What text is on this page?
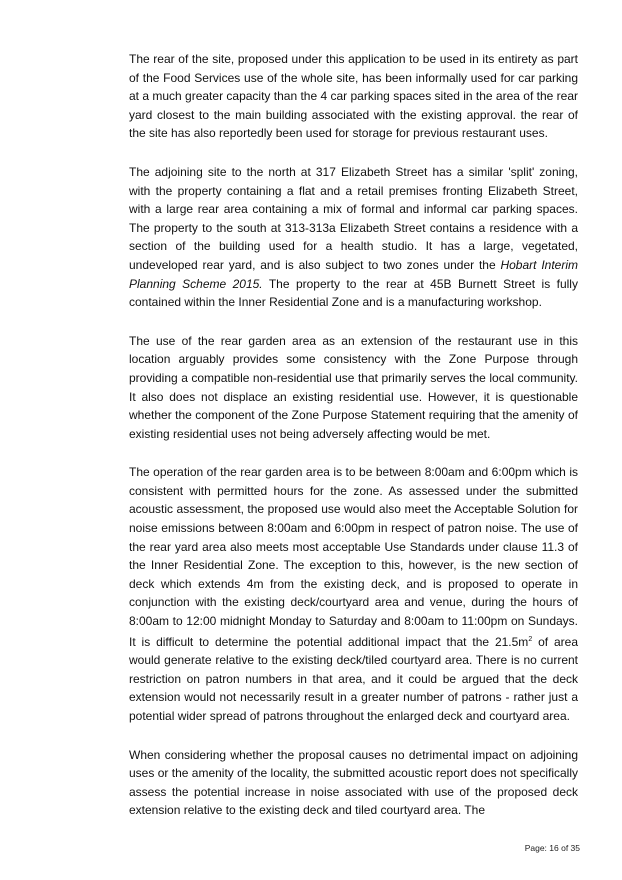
The rear of the site, proposed under this application to be used in its entirety as part of the Food Services use of the whole site, has been informally used for car parking at a much greater capacity than the 4 car parking spaces sited in the area of the rear yard closest to the main building associated with the existing approval. the rear of the site has also reportedly been used for storage for previous restaurant uses.

The adjoining site to the north at 317 Elizabeth Street has a similar 'split' zoning, with the property containing a flat and a retail premises fronting Elizabeth Street, with a large rear area containing a mix of formal and informal car parking spaces. The property to the south at 313-313a Elizabeth Street contains a residence with a section of the building used for a health studio. It has a large, vegetated, undeveloped rear yard, and is also subject to two zones under the Hobart Interim Planning Scheme 2015. The property to the rear at 45B Burnett Street is fully contained within the Inner Residential Zone and is a manufacturing workshop.

The use of the rear garden area as an extension of the restaurant use in this location arguably provides some consistency with the Zone Purpose through providing a compatible non-residential use that primarily serves the local community. It also does not displace an existing residential use. However, it is questionable whether the component of the Zone Purpose Statement requiring that the amenity of existing residential uses not being adversely affecting would be met.

The operation of the rear garden area is to be between 8:00am and 6:00pm which is consistent with permitted hours for the zone. As assessed under the submitted acoustic assessment, the proposed use would also meet the Acceptable Solution for noise emissions between 8:00am and 6:00pm in respect of patron noise. The use of the rear yard area also meets most acceptable Use Standards under clause 11.3 of the Inner Residential Zone. The exception to this, however, is the new section of deck which extends 4m from the existing deck, and is proposed to operate in conjunction with the existing deck/courtyard area and venue, during the hours of 8:00am to 12:00 midnight Monday to Saturday and 8:00am to 11:00pm on Sundays. It is difficult to determine the potential additional impact that the $21.5m^2$ of area would generate relative to the existing deck/tiled courtyard area. There is no current restriction on patron numbers in that area, and it could be argued that the deck extension would not necessarily result in a greater number of patrons - rather just a potential wider spread of patrons throughout the enlarged deck and courtyard area.

When considering whether the proposal causes no detrimental impact on adjoining uses or the amenity of the locality, the submitted acoustic report does not specifically assess the potential increase in noise associated with use of the proposed deck extension relative to the existing deck and tiled courtyard area. The

Page: 16 of 35
